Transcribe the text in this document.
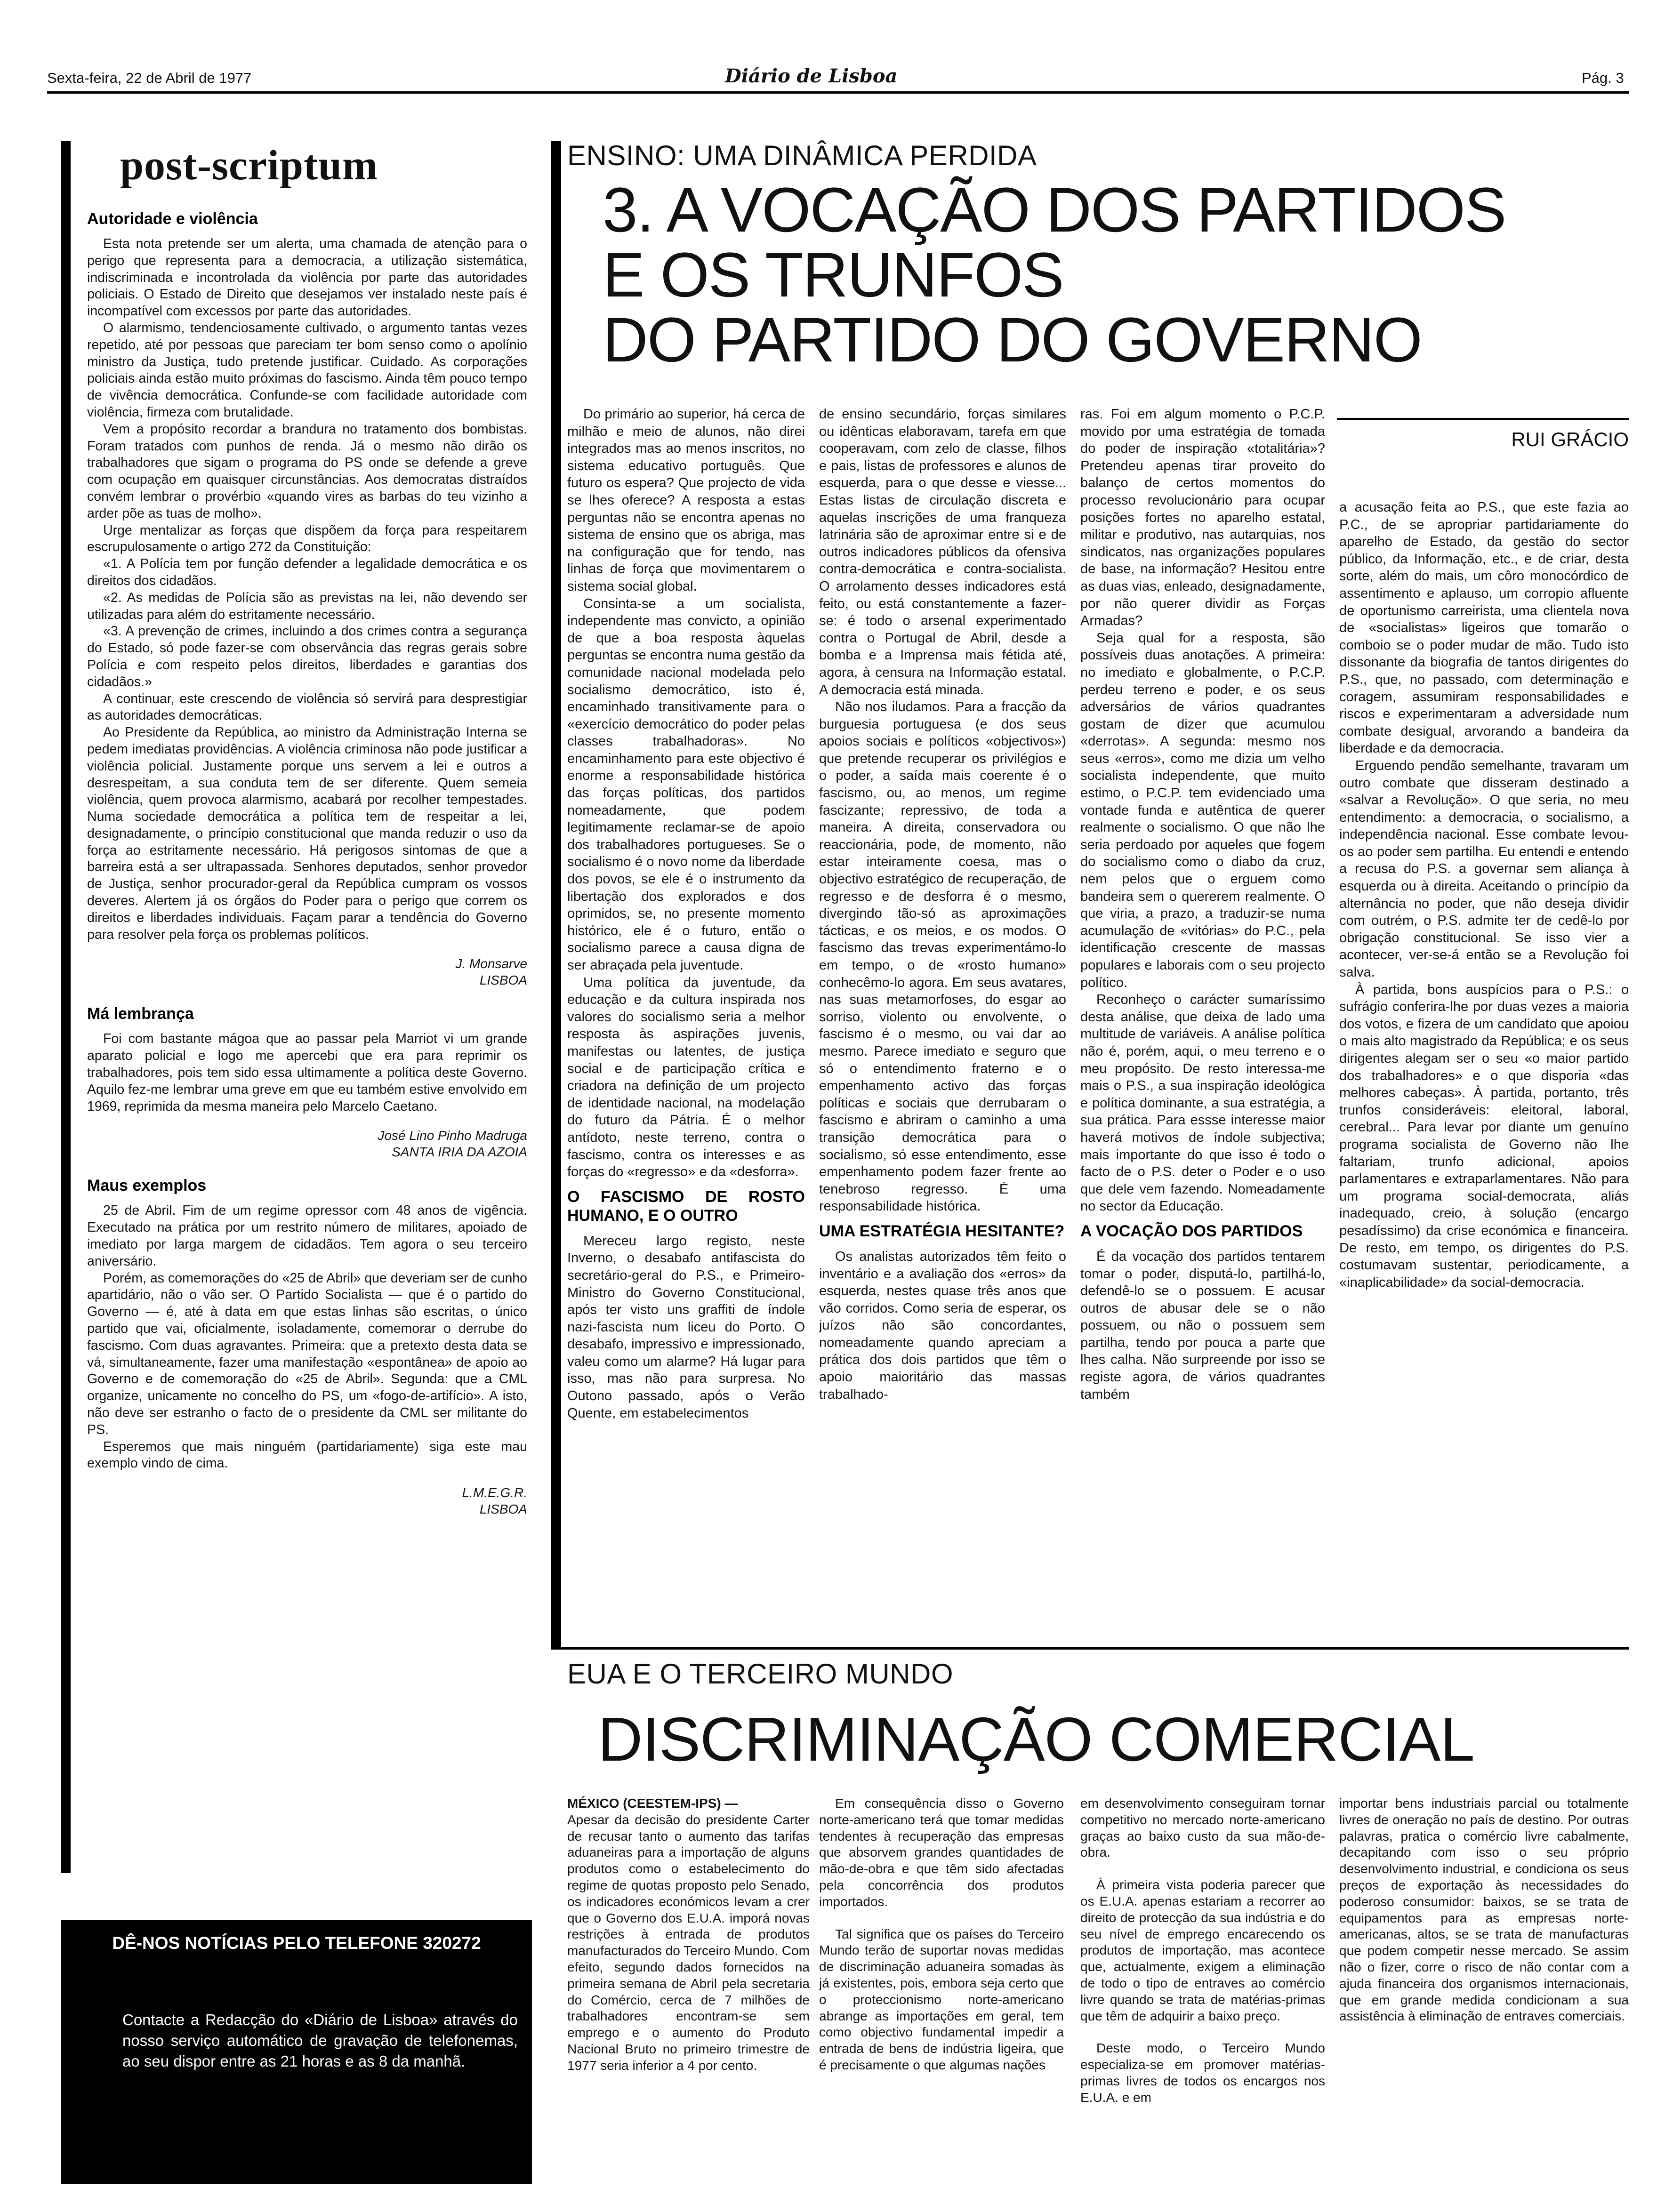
Sexta-feira, 22 de Abril de 1977	Diário de Lisboa	Pág. 3
post-scriptum
Autoridade e violência

Esta nota pretende ser um alerta, uma chamada de atenção para o perigo que representa para a democracia, a utilização sistemática, indiscriminada e incontrolada da violência por parte das autoridades policiais. O Estado de Direito que desejamos ver instalado neste país é incompatível com excessos por parte das autoridades.

O alarmismo, tendenciosamente cultivado, o argumento tantas vezes repetido, até por pessoas que pareciam ter bom senso como o apolínio ministro da Justiça, tudo pretende justificar. Cuidado. As corporações policiais ainda estão muito próximas do fascismo. Ainda têm pouco tempo de vivência democrática. Confunde-se com facilidade autoridade com violência, firmeza com brutalidade.

Vem a propósito recordar a brandura no tratamento dos bombistas. Foram tratados com punhos de renda. Já o mesmo não dirão os trabalhadores que sigam o programa do PS onde se defende a greve com ocupação em quaisquer circunstâncias. Aos democratas distraídos convém lembrar o provérbio «quando vires as barbas do teu vizinho a arder põe as tuas de molho».

Urge mentalizar as forças que dispõem da força para respeitarem escrupulosamente o artigo 272 da Constituição:

«1. A Polícia tem por função defender a legalidade democrática e os direitos dos cidadãos.

«2. As medidas de Polícia são as previstas na lei, não devendo ser utilizadas para além do estritamente necessário.

«3. A prevenção de crimes, incluindo a dos crimes contra a segurança do Estado, só pode fazer-se com observância das regras gerais sobre Polícia e com respeito pelos direitos, liberdades e garantias dos cidadãos.»

A continuar, este crescendo de violência só servirá para desprestigiar as autoridades democráticas.

Ao Presidente da República, ao ministro da Administração Interna se pedem imediatas providências. A violência criminosa não pode justificar a violência policial. Justamente porque uns servem a lei e outros a desrespeitam, a sua conduta tem de ser diferente. Quem semeia violência, quem provoca alarmismo, acabará por recolher tempestades. Numa sociedade democrática a política tem de respeitar a lei, designadamente, o princípio constitucional que manda reduzir o uso da força ao estritamente necessário. Há perigosos sintomas de que a barreira está a ser ultrapassada. Senhores deputados, senhor provedor de Justiça, senhor procurador-geral da República cumpram os vossos deveres. Alertem já os órgãos do Poder para o perigo que correm os direitos e liberdades individuais. Façam parar a tendência do Governo para resolver pela força os problemas políticos.

J. Monsarve
LISBOA
Má lembrança

Foi com bastante mágoa que ao passar pela Marriot vi um grande aparato policial e logo me apercebi que era para reprimir os trabalhadores, pois tem sido essa ultimamente a política deste Governo. Aquilo fez-me lembrar uma greve em que eu também estive envolvido em 1969, reprimida da mesma maneira pelo Marcelo Caetano.

José Lino Pinho Madruga
SANTA IRIA DA AZOIA
Maus exemplos

25 de Abril. Fim de um regime opressor com 48 anos de vigência. Executado na prática por um restrito número de militares, apoiado de imediato por larga margem de cidadãos. Tem agora o seu terceiro aniversário.

Porém, as comemorações do «25 de Abril» que deveriam ser de cunho apartidário, não o vão ser. O Partido Socialista — que é o partido do Governo — é, até à data em que estas linhas são escritas, o único partido que vai, oficialmente, isoladamente, comemorar o derrube do fascismo. Com duas agravantes. Primeira: que a pretexto desta data se vá, simultaneamente, fazer uma manifestação «espontânea» de apoio ao Governo e de comemoração do «25 de Abril». Segunda: que a CML organize, unicamente no concelho do PS, um «fogo-de-artifício». A isto, não deve ser estranho o facto de o presidente da CML ser militante do PS.

Esperemos que mais ninguém (partidariamente) siga este mau exemplo vindo de cima.

L.M.E.G.R.
LISBOA
DÊ-NOS NOTÍCIAS PELO TELEFONE 320272
Contacte a Redacção do «Diário de Lisboa» através do nosso serviço automático de gravação de telefonemas, ao seu dispor entre as 21 horas e as 8 da manhã.
ENSINO: UMA DINÂMICA PERDIDA
3. A VOCAÇÃO DOS PARTIDOS
E OS TRUNFOS
DO PARTIDO DO GOVERNO
RUI GRÁCIO

Do primário ao superior, há cerca de milhão e meio de alunos, não direi integrados mas ao menos inscritos, no sistema educativo português. Que futuro os espera? Que projecto de vida se lhes oferece? A resposta a estas perguntas não se encontra apenas no sistema de ensino que os abriga, mas na configuração que for tendo, nas linhas de força que movimentarem o sistema social global.

Consinta-se a um socialista, independente mas convicto, a opinião de que a boa resposta àquelas perguntas se encontra numa gestão da comunidade nacional modelada pelo socialismo democrático, isto é, encaminhado transitivamente para o «exercício democrático do poder pelas classes trabalhadoras». No encaminhamento para este objectivo é enorme a responsabilidade histórica das forças políticas, dos partidos nomeadamente, que podem legitimamente reclamar-se de apoio dos trabalhadores portugueses. Se o socialismo é o novo nome da liberdade dos povos, se ele é o instrumento da libertação dos explorados e dos oprimidos, se, no presente momento histórico, ele é o futuro, então o socialismo parece a causa digna de ser abraçada pela juventude.

Uma política da juventude, da educação e da cultura inspirada nos valores do socialismo seria a melhor resposta às aspirações juvenis, manifestas ou latentes, de justiça social e de participação crítica e criadora na definição de um projecto de identidade nacional, na modelação do futuro da Pátria. É o melhor antídoto, neste terreno, contra o fascismo, contra os interesses e as forças do «regresso» e da «desforra».

O FASCISMO DE ROSTO HUMANO, E O OUTRO

Mereceu largo registo, neste Inverno, o desabafo antifascista do secretário-geral do P.S., e Primeiro-Ministro do Governo Constitucional, após ter visto uns graffiti de índole nazi-fascista num liceu do Porto. O desabafo, impressivo e impressionado, valeu como um alarme? Há lugar para isso, mas não para surpresa. No Outono passado, após o Verão Quente, em estabelecimentos

de ensino secundário, forças similares ou idênticas elaboravam, tarefa em que cooperavam, com zelo de classe, filhos e pais, listas de professores e alunos de esquerda, para o que desse e viesse... Estas listas de circulação discreta e aquelas inscrições de uma franqueza latrinária são de aproximar entre si e de outros indicadores públicos da ofensiva contra-democrática e contra-socialista. O arrolamento desses indicadores está feito, ou está constantemente a fazer-se: é todo o arsenal experimentado contra o Portugal de Abril, desde a bomba e a Imprensa mais fétida até, agora, à censura na Informação estatal. A democracia está minada.

Não nos iludamos. Para a fracção da burguesia portuguesa (e dos seus apoios sociais e políticos «objectivos») que pretende recuperar os privilégios e o poder, a saída mais coerente é o fascismo, ou, ao menos, um regime fascizante; repressivo, de toda a maneira. A direita, conservadora ou reaccionária, pode, de momento, não estar inteiramente coesa, mas o objectivo estratégico de recuperação, de regresso e de desforra é o mesmo, divergindo tão-só as aproximações tácticas, e os meios, e os modos. O fascismo das trevas experimentámo-lo em tempo, o de «rosto humano» conhecêmo-lo agora. Em seus avatares, nas suas metamorfoses, do esgar ao sorriso, violento ou envolvente, o fascismo é o mesmo, ou vai dar ao mesmo. Parece imediato e seguro que só o entendimento fraterno e o empenhamento activo das forças políticas e sociais que derrubaram o fascismo e abriram o caminho a uma transição democrática para o socialismo, só esse entendimento, esse empenhamento podem fazer frente ao tenebroso regresso. É uma responsabilidade histórica.

UMA ESTRATÉGIA HESITANTE?

Os analistas autorizados têm feito o inventário e a avaliação dos «erros» da esquerda, nestes quase três anos que vão corridos. Como seria de esperar, os juízos não são concordantes, nomeadamente quando apreciam a prática dos dois partidos que têm o apoio maioritário das massas trabalhado-

ras. Foi em algum momento o P.C.P. movido por uma estratégia de tomada do poder de inspiração «totalitária»? Pretendeu apenas tirar proveito do balanço de certos momentos do processo revolucionário para ocupar posições fortes no aparelho estatal, militar e produtivo, nas autarquias, nos sindicatos, nas organizações populares de base, na informação? Hesitou entre as duas vias, enleado, designadamente, por não querer dividir as Forças Armadas?

Seja qual for a resposta, são possíveis duas anotações. A primeira: no imediato e globalmente, o P.C.P. perdeu terreno e poder, e os seus adversários de vários quadrantes gostam de dizer que acumulou «derrotas». A segunda: mesmo nos seus «erros», como me dizia um velho socialista independente, que muito estimo, o P.C.P. tem evidenciado uma vontade funda e autêntica de querer realmente o socialismo. O que não lhe seria perdoado por aqueles que fogem do socialismo como o diabo da cruz, nem pelos que o erguem como bandeira sem o quererem realmente. O que viria, a prazo, a traduzir-se numa acumulação de «vitórias» do P.C., pela identificação crescente de massas populares e laborais com o seu projecto político.

Reconheço o carácter sumaríssimo desta análise, que deixa de lado uma multitude de variáveis. A análise política não é, porém, aqui, o meu terreno e o meu propósito. De resto interessa-me mais o P.S., a sua inspiração ideológica e política dominante, a sua estratégia, a sua prática. Para essse interesse maior haverá motivos de índole subjectiva; mais importante do que isso é todo o facto de o P.S. deter o Poder e o uso que dele vem fazendo. Nomeadamente no sector da Educação.

A VOCAÇÃO DOS PARTIDOS

É da vocação dos partidos tentarem tomar o poder, disputá-lo, partilhá-lo, defendê-lo se o possuem. E acusar outros de abusar dele se o não possuem, ou não o possuem sem partilha, tendo por pouca a parte que lhes calha. Não surpreende por isso se registe agora, de vários quadrantes também

a acusação feita ao P.S., que este fazia ao P.C., de se apropriar partidariamente do aparelho de Estado, da gestão do sector público, da Informação, etc., e de criar, desta sorte, além do mais, um côro monocórdico de assentimento e aplauso, um corropio afluente de oportunismo carreirista, uma clientela nova de «socialistas» ligeiros que tomarão o comboio se o poder mudar de mão. Tudo isto dissonante da biografia de tantos dirigentes do P.S., que, no passado, com determinação e coragem, assumiram responsabilidades e riscos e experimentaram a adversidade num combate desigual, arvorando a bandeira da liberdade e da democracia.

Erguendo pendão semelhante, travaram um outro combate que disseram destinado a «salvar a Revolução». O que seria, no meu entendimento: a democracia, o socialismo, a independência nacional. Esse combate levou-os ao poder sem partilha. Eu entendi e entendo a recusa do P.S. a governar sem aliança à esquerda ou à direita. Aceitando o princípio da alternância no poder, que não deseja dividir com outrém, o P.S. admite ter de cedê-lo por obrigação constitucional. Se isso vier a acontecer, ver-se-á então se a Revolução foi salva.

À partida, bons auspícios para o P.S.: o sufrágio conferira-lhe por duas vezes a maioria dos votos, e fizera de um candidato que apoiou o mais alto magistrado da República; e os seus dirigentes alegam ser o seu «o maior partido dos trabalhadores» e o que disporia «das melhores cabeças». À partida, portanto, três trunfos consideráveis: eleitoral, laboral, cerebral... Para levar por diante um genuíno programa socialista de Governo não lhe faltariam, trunfo adicional, apoios parlamentares e extraparlamentares. Não para um programa social-democrata, aliás inadequado, creio, à solução (encargo pesadíssimo) da crise económica e financeira. De resto, em tempo, os dirigentes do P.S. costumavam sustentar, periodicamente, a «inaplicabilidade» da social-democracia.

EUA E O TERCEIRO MUNDO
DISCRIMINAÇÃO COMERCIAL
MÉXICO (CEESTEM-IPS) —

Apesar da decisão do presidente Carter de recusar tanto o aumento das tarifas aduaneiras para a importação de alguns produtos como o estabelecimento do regime de quotas proposto pelo Senado, os indicadores económicos levam a crer que o Governo dos E.U.A. imporá novas restrições à entrada de produtos manufacturados do Terceiro Mundo. Com efeito, segundo dados fornecidos na primeira semana de Abril pela secretaria do Comércio, cerca de 7 milhões de trabalhadores encontram-se sem emprego e o aumento do Produto Nacional Bruto no primeiro trimestre de 1977 seria inferior a 4 por cento.

Em consequência disso o Governo norte-americano terá que tomar medidas tendentes à recuperação das empresas que absorvem grandes quantidades de mão-de-obra e que têm sido afectadas pela concorrência dos produtos importados.

Tal significa que os países do Terceiro Mundo terão de suportar novas medidas de discriminação aduaneira somadas às já existentes, pois, embora seja certo que o proteccionismo norte-americano abrange as importações em geral, tem como objectivo fundamental impedir a entrada de bens de indústria ligeira, que é precisamente o que algumas nações

em desenvolvimento conseguiram tornar competitivo no mercado norte-americano graças ao baixo custo da sua mão-de-obra.

À primeira vista poderia parecer que os E.U.A. apenas estariam a recorrer ao direito de protecção da sua indústria e do seu nível de emprego encarecendo os produtos de importação, mas acontece que, actualmente, exigem a eliminação de todo o tipo de entraves ao comércio livre quando se trata de matérias-primas que têm de adquirir a baixo preço.

Deste modo, o Terceiro Mundo especializa-se em promover matérias-primas livres de todos os encargos nos E.U.A. e em

importar bens industriais parcial ou totalmente livres de oneração no país de destino. Por outras palavras, pratica o comércio livre cabalmente, decapitando com isso o seu próprio desenvolvimento industrial, e condiciona os seus preços de exportação às necessidades do poderoso consumidor: baixos, se se trata de equipamentos para as empresas norte-americanas, altos, se se trata de manufacturas que podem competir nesse mercado. Se assim não o fizer, corre o risco de não contar com a ajuda financeira dos organismos internacionais, que em grande medida condicionam a sua assistência à eliminação de entraves comerciais.
